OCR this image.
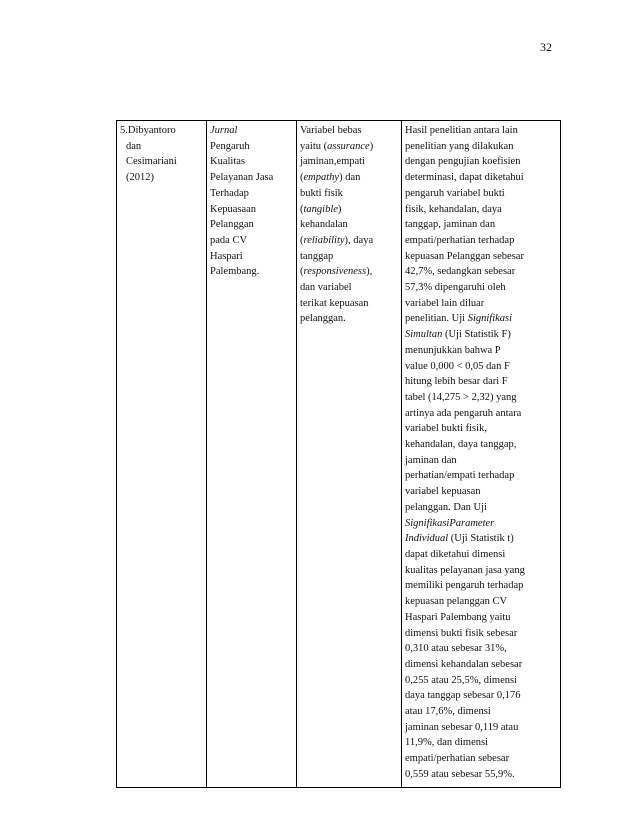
32
5.Dibyantoro
dan
Cesimariani
(2012)

Jurnal
Pengaruh
Kualitas
Pelayanan Jasa
Terhadap
Kepuasaan
Pelanggan
pada CV
Haspari
Palembang.

Variabel bebas
yaitu (assurance)
jaminan,empati
(empathy) dan
bukti fisik
(tangible)
kehandalan
(reliability), daya
tanggap
(responsiveness),
dan variabel
terikat kepuasan
pelanggan.

Hasil penelitian antara lain
penelitian yang dilakukan
dengan pengujian koefisien
determinasi, dapat diketahui
pengaruh variabel bukti
fisik, kehandalan, daya
tanggap, jaminan dan
empati/perhatian terhadap
kepuasan Pelanggan sebesar
42,7%, sedangkan sebesar
57,3% dipengaruhi oleh
variabel lain diluar
penelitian. Uji Signifikasi
Simultan (Uji Statistik F)
menunjukkan bahwa P
value 0,000 < 0,05 dan F
hitung lebih besar dari F
tabel (14,275 > 2,32) yang
artinya ada pengaruh antara
variabel bukti fisik,
kehandalan, daya tanggap,
jaminan dan
perhatian/empati terhadap
variabel kepuasan
pelanggan. Dan Uji
SignifikasiParameter
Individual (Uji Statistik t)
dapat diketahui dimensi
kualitas pelayanan jasa yang
memiliki pengaruh terhadap
kepuasan pelanggan CV
Haspari Palembang yaitu
dimensi bukti fisik sebesar
0,310 atau sebesar 31%,
dimensi kehandalan sebesar
0,255 atau 25,5%, dimensi
daya tanggap sebesar 0,176
atau 17,6%, dimensi
jaminan sebesar 0,119 atau
11,9%, dan dimensi
empati/perhatian sebesar
0,559 atau sebesar 55,9%.
